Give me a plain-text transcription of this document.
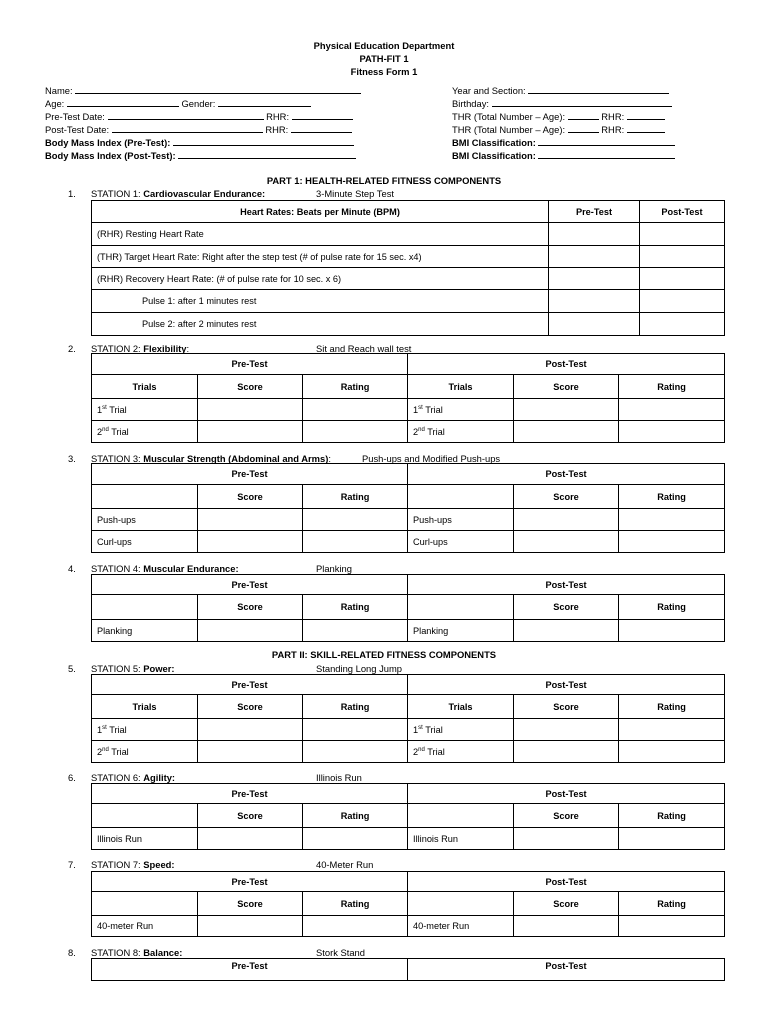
Physical Education Department
PATH-FIT 1
Fitness Form 1
Name:
Age:	Gender:
Pre-Test Date:	RHR:
Post-Test Date:	RHR:
Body Mass Index (Pre-Test):
Body Mass Index (Post-Test):
Year and Section:
Birthday:
THR (Total Number – Age):	RHR:
THR (Total Number – Age):	RHR:
BMI Classification:
BMI Classification:
PART 1: HEALTH-RELATED FITNESS COMPONENTS
1. STATION 1: Cardiovascular Endurance:	3-Minute Step Test
Heart Rates: Beats per Minute (BPM)	Pre-Test	Post-Test
(RHR) Resting Heart Rate		
(THR) Target Heart Rate: Right after the step test (# of pulse rate for 15 sec. x4)		
(RHR) Recovery Heart Rate: (# of pulse rate for 10 sec. x 6)		
Pulse 1: after 1 minutes rest		
Pulse 2: after 2 minutes rest		
2. STATION 2: Flexibility:	Sit and Reach wall test
Pre-Test			Post-Test		
Trials	Score	Rating	Trials	Score	Rating
1st Trial			1st Trial		
2nd Trial			2nd Trial		
3. STATION 3: Muscular Strength (Abdominal and Arms):	Push-ups and Modified Push-ups
Pre-Test			Post-Test		
	Score	Rating		Score	Rating
Push-ups			Push-ups		
Curl-ups			Curl-ups		
4. STATION 4: Muscular Endurance:	Planking
Pre-Test			Post-Test		
	Score	Rating		Score	Rating
Planking			Planking		
PART II: SKILL-RELATED FITNESS COMPONENTS
5. STATION 5: Power:	Standing Long Jump
Pre-Test			Post-Test		
Trials	Score	Rating	Trials	Score	Rating
1st Trial			1st Trial		
2nd Trial			2nd Trial		
6. STATION 6: Agility:	Illinois Run
Pre-Test			Post-Test		
	Score	Rating		Score	Rating
Illinois Run			Illinois Run		
7. STATION 7: Speed:	40-Meter Run
Pre-Test			Post-Test		
	Score	Rating		Score	Rating
40-meter Run			40-meter Run		
8. STATION 8: Balance:	Stork Stand
Pre-Test	Post-Test
